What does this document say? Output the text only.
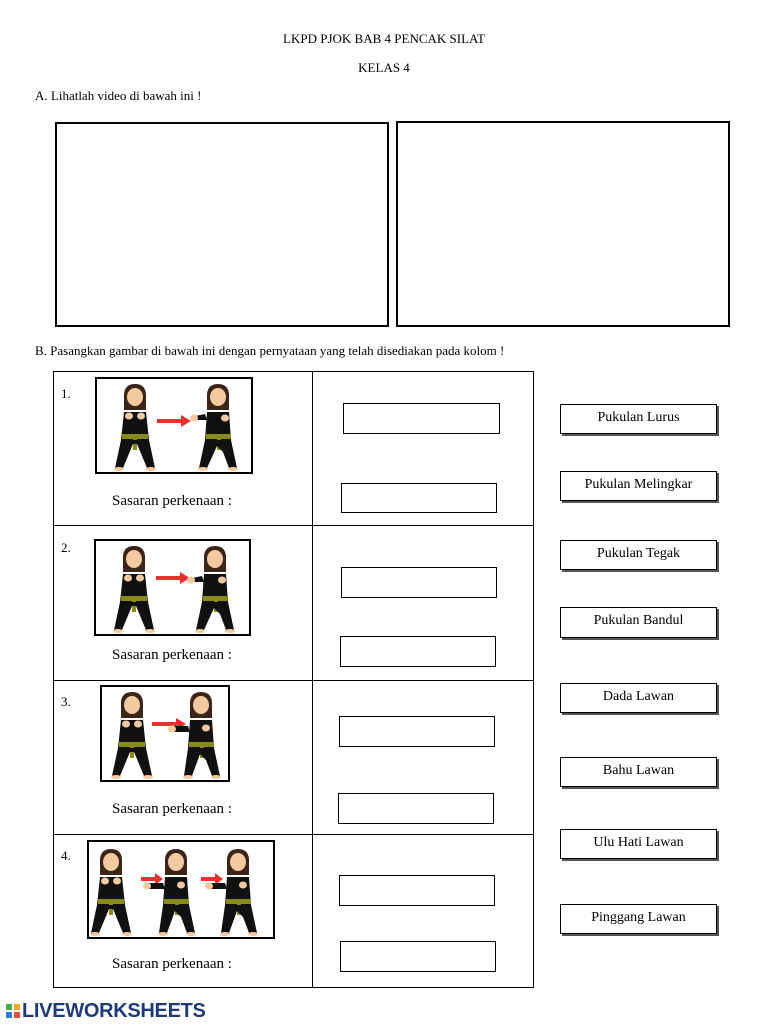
LKPD PJOK BAB 4 PENCAK SILAT
KELAS 4
A. Lihatlah video di bawah ini !
B. Pasangkan gambar di bawah ini dengan pernyataan yang telah disediakan pada kolom !
1.
2.
3.
4.
Sasaran perkenaan :
Sasaran perkenaan :
Sasaran perkenaan :
Sasaran perkenaan :
Pukulan Lurus
Pukulan Melingkar
Pukulan Tegak
Pukulan Bandul
Dada Lawan
Bahu Lawan
Ulu Hati Lawan
Pinggang Lawan
LIVEWORKSHEETS
